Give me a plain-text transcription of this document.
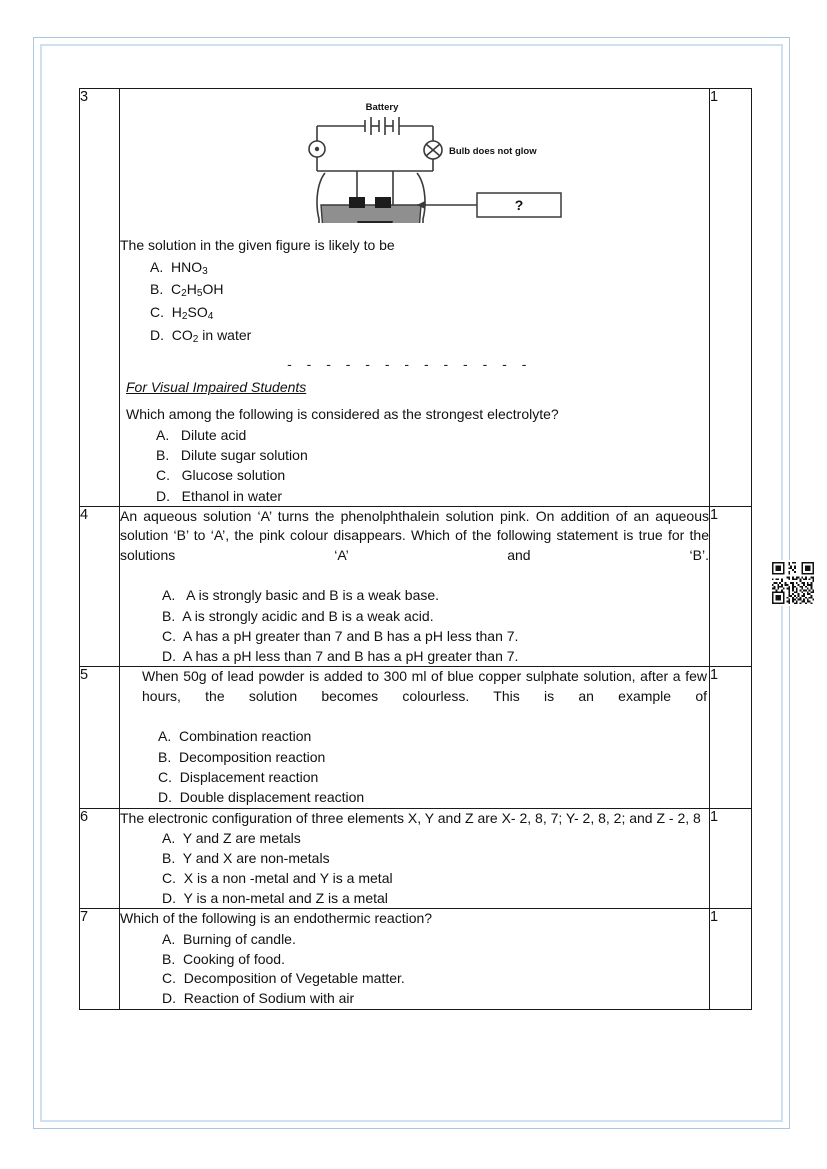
3	
?
Battery
Bulb does not glow

The solution in the given figure is likely to be

A.  $HNO_3$
B.  $C_2H_5OH$
C.  $H_2SO_4$
D.  $CO_2$ in water
- - - - - - - - - - - - -
For Visual Impaired Students

Which among the following is considered as the strongest electrolyte?

A.   Dilute acid
B.   Dilute sugar solution
C.   Glucose solution
D.   Ethanol in water
	1
4	An aqueous solution ‘A’ turns the phenolphthalein solution pink. On addition of an aqueous solution ‘B’ to ‘A’, the pink colour disappears. Which of the following statement is true for the solutions ‘A’ and ‘B’.

A.   A is strongly basic and B is a weak base.
B.  A is strongly acidic and B is a weak acid.
C.  A has a pH greater than 7 and B has a pH less than 7.
D.  A has a pH less than 7 and B has a pH greater than 7.
	1
5	When 50g of lead powder is added to 300 ml of blue copper sulphate solution, after a few hours, the solution becomes colourless. This is an example of

A.  Combination reaction
B.  Decomposition reaction
C.  Displacement reaction
D.  Double displacement reaction
	1
6	The electronic configuration of three elements X, Y and Z are X- 2, 8, 7; Y- 2, 8, 2; and Z - 2, 8

A.  Y and Z are metals
B.  Y and X are non-metals
C.  X is a non -metal and Y is a metal
D.  Y is a non-metal and Z is a metal
	1
7	Which of the following is an endothermic reaction?

A.  Burning of candle.
B.  Cooking of food.
C.  Decomposition of Vegetable matter.
D.  Reaction of Sodium with air
	1
